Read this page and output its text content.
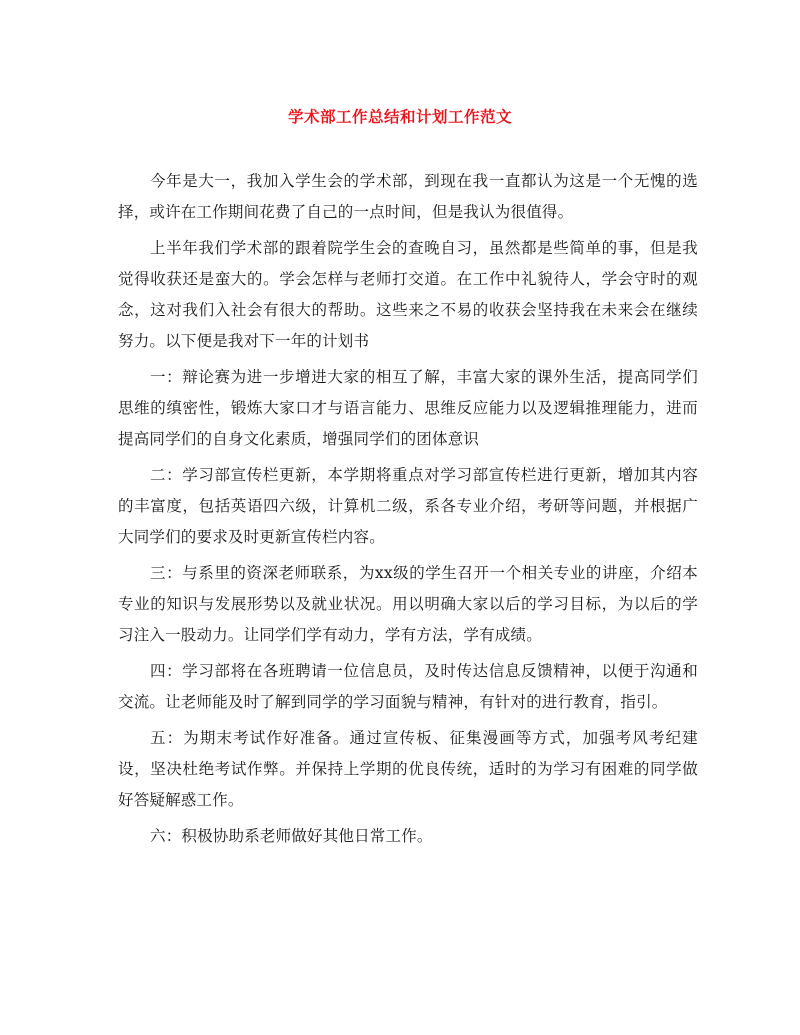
学术部工作总结和计划工作范文

今年是大一，我加入学生会的学术部，到现在我一直都认为这是一个无愧的选择，或许在工作期间花费了自己的一点时间，但是我认为很值得。

上半年我们学术部的跟着院学生会的查晚自习，虽然都是些简单的事，但是我觉得收获还是蛮大的。学会怎样与老师打交道。在工作中礼貌待人，学会守时的观念，这对我们入社会有很大的帮助。这些来之不易的收获会坚持我在未来会在继续努力。以下便是我对下一年的计划书

一：辩论赛为进一步增进大家的相互了解，丰富大家的课外生活，提高同学们思维的缜密性，锻炼大家口才与语言能力、思维反应能力以及逻辑推理能力，进而提高同学们的自身文化素质，增强同学们的团体意识

二：学习部宣传栏更新，本学期将重点对学习部宣传栏进行更新，增加其内容的丰富度，包括英语四六级，计算机二级，系各专业介绍，考研等问题，并根据广大同学们的要求及时更新宣传栏内容。

三：与系里的资深老师联系，为xx级的学生召开一个相关专业的讲座，介绍本专业的知识与发展形势以及就业状况。用以明确大家以后的学习目标，为以后的学习注入一股动力。让同学们学有动力，学有方法，学有成绩。

四：学习部将在各班聘请一位信息员，及时传达信息反馈精神，以便于沟通和交流。让老师能及时了解到同学的学习面貌与精神，有针对的进行教育，指引。

五：为期末考试作好准备。通过宣传板、征集漫画等方式，加强考风考纪建设，坚决杜绝考试作弊。并保持上学期的优良传统，适时的为学习有困难的同学做好答疑解惑工作。

六：积极协助系老师做好其他日常工作。
